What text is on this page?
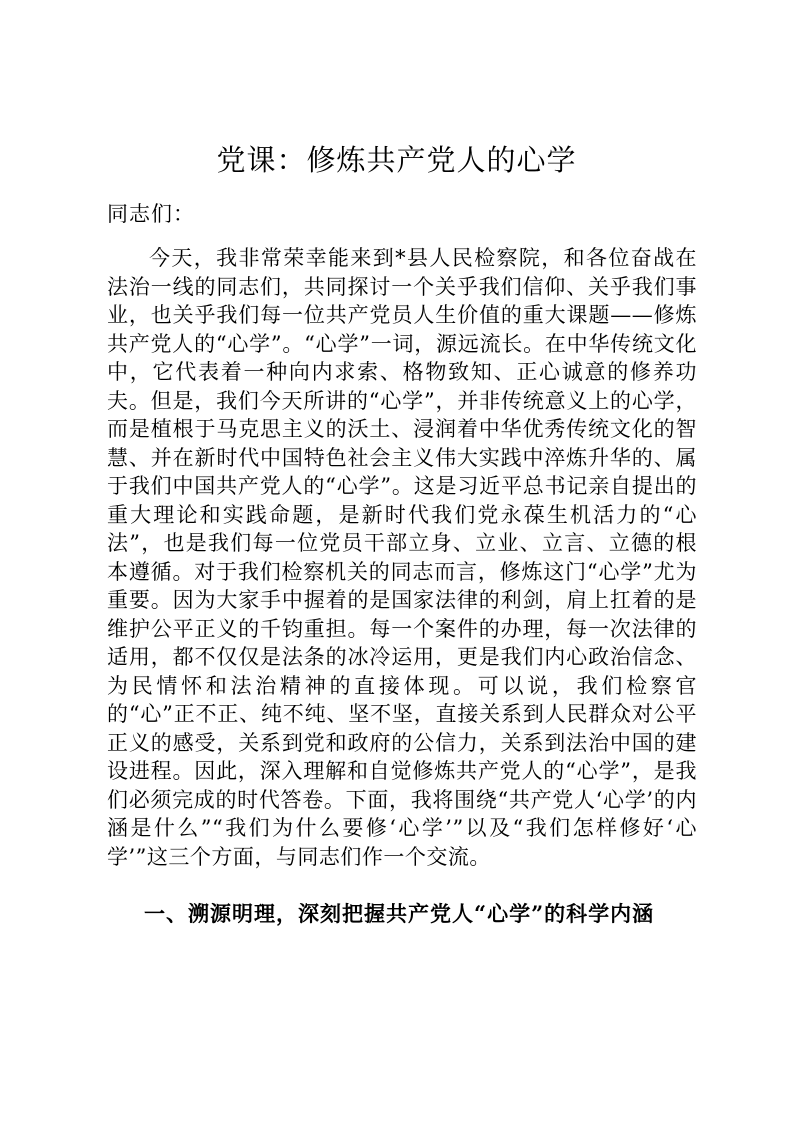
党课：修炼共产党人的心学
同志们：

今天，我非常荣幸能来到*县人民检察院，和各位奋战在法治一线的同志们，共同探讨一个关乎我们信仰、关乎我们事业，也关乎我们每一位共产党员人生价值的重大课题——修炼共产党人的“心学”。“心学”一词，源远流长。在中华传统文化中，它代表着一种向内求索、格物致知、正心诚意的修养功夫。但是，我们今天所讲的“心学”，并非传统意义上的心学，而是植根于马克思主义的沃土、浸润着中华优秀传统文化的智慧、并在新时代中国特色社会主义伟大实践中淬炼升华的、属于我们中国共产党人的“心学”。这是习近平总书记亲自提出的重大理论和实践命题，是新时代我们党永葆生机活力的“心法”，也是我们每一位党员干部立身、立业、立言、立德的根本遵循。对于我们检察机关的同志而言，修炼这门“心学”尤为重要。因为大家手中握着的是国家法律的利剑，肩上扛着的是维护公平正义的千钧重担。每一个案件的办理，每一次法律的适用，都不仅仅是法条的冰冷运用，更是我们内心政治信念、为民情怀和法治精神的直接体现。可以说，我们检察官的“心”正不正、纯不纯、坚不坚，直接关系到人民群众对公平正义的感受，关系到党和政府的公信力，关系到法治中国的建设进程。因此，深入理解和自觉修炼共产党人的“心学”，是我们必须完成的时代答卷。下面，我将围绕“共产党人‘心学’的内涵是什么”“我们为什么要修‘心学’”以及“我们怎样修好‘心学’”这三个方面，与同志们作一个交流。

一、溯源明理，深刻把握共产党人“心学”的科学内涵
